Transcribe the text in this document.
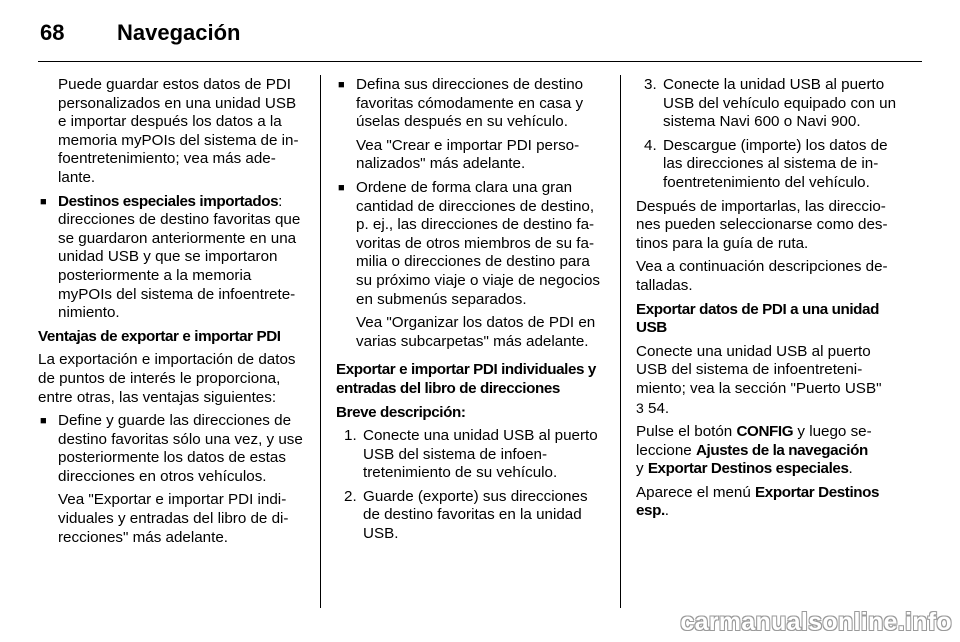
68 Navegación

Puede guardar estos datos de PDI personalizados en una unidad USB e importar después los datos a la memoria myPOIs del sistema de infoentretenimiento; vea más adelante.

■ Destinos especiales importados:
direcciones de destino favoritas que se guardaron anteriormente en una unidad USB y que se importaron posteriormente a la memoria myPOIs del sistema de infoentretenimiento.

Ventajas de exportar e importar PDI

La exportación e importación de datos de puntos de interés le proporciona, entre otras, las ventajas siguientes:

■ Define y guarde las direcciones de destino favoritas sólo una vez, y use posteriormente los datos de estas direcciones en otros vehículos.
Vea "Exportar e importar PDI individuales y entradas del libro de direcciones" más adelante.
■ Defina sus direcciones de destino favoritas cómodamente en casa y úselas después en su vehículo.
Vea "Crear e importar PDI personalizados" más adelante.
■ Ordene de forma clara una gran cantidad de direcciones de destino, p. ej., las direcciones de destino favoritas de otros miembros de su familia o direcciones de destino para su próximo viaje o viaje de negocios en submenús separados.
Vea "Organizar los datos de PDI en varias subcarpetas" más adelante.

Exportar e importar PDI individuales y entradas del libro de direcciones

Breve descripción:

1. Conecte una unidad USB al puerto USB del sistema de infoentretenimiento de su vehículo.
2. Guarde (exporte) sus direcciones de destino favoritas en la unidad USB.
3. Conecte la unidad USB al puerto USB del vehículo equipado con un sistema Navi 600 o Navi 900.
4. Descargue (importe) los datos de las direcciones al sistema de infoentretenimiento del vehículo.

Después de importarlas, las direcciones pueden seleccionarse como destinos para la guía de ruta.

Vea a continuación descripciones detalladas.

Exportar datos de PDI a una unidad USB

Conecte una unidad USB al puerto USB del sistema de infoentretenimiento; vea la sección "Puerto USB"
3 54.

Pulse el botón CONFIG y luego seleccione Ajustes de la navegación
y Exportar Destinos especiales.

Aparece el menú Exportar Destinos esp..

carmanualsonline.info
